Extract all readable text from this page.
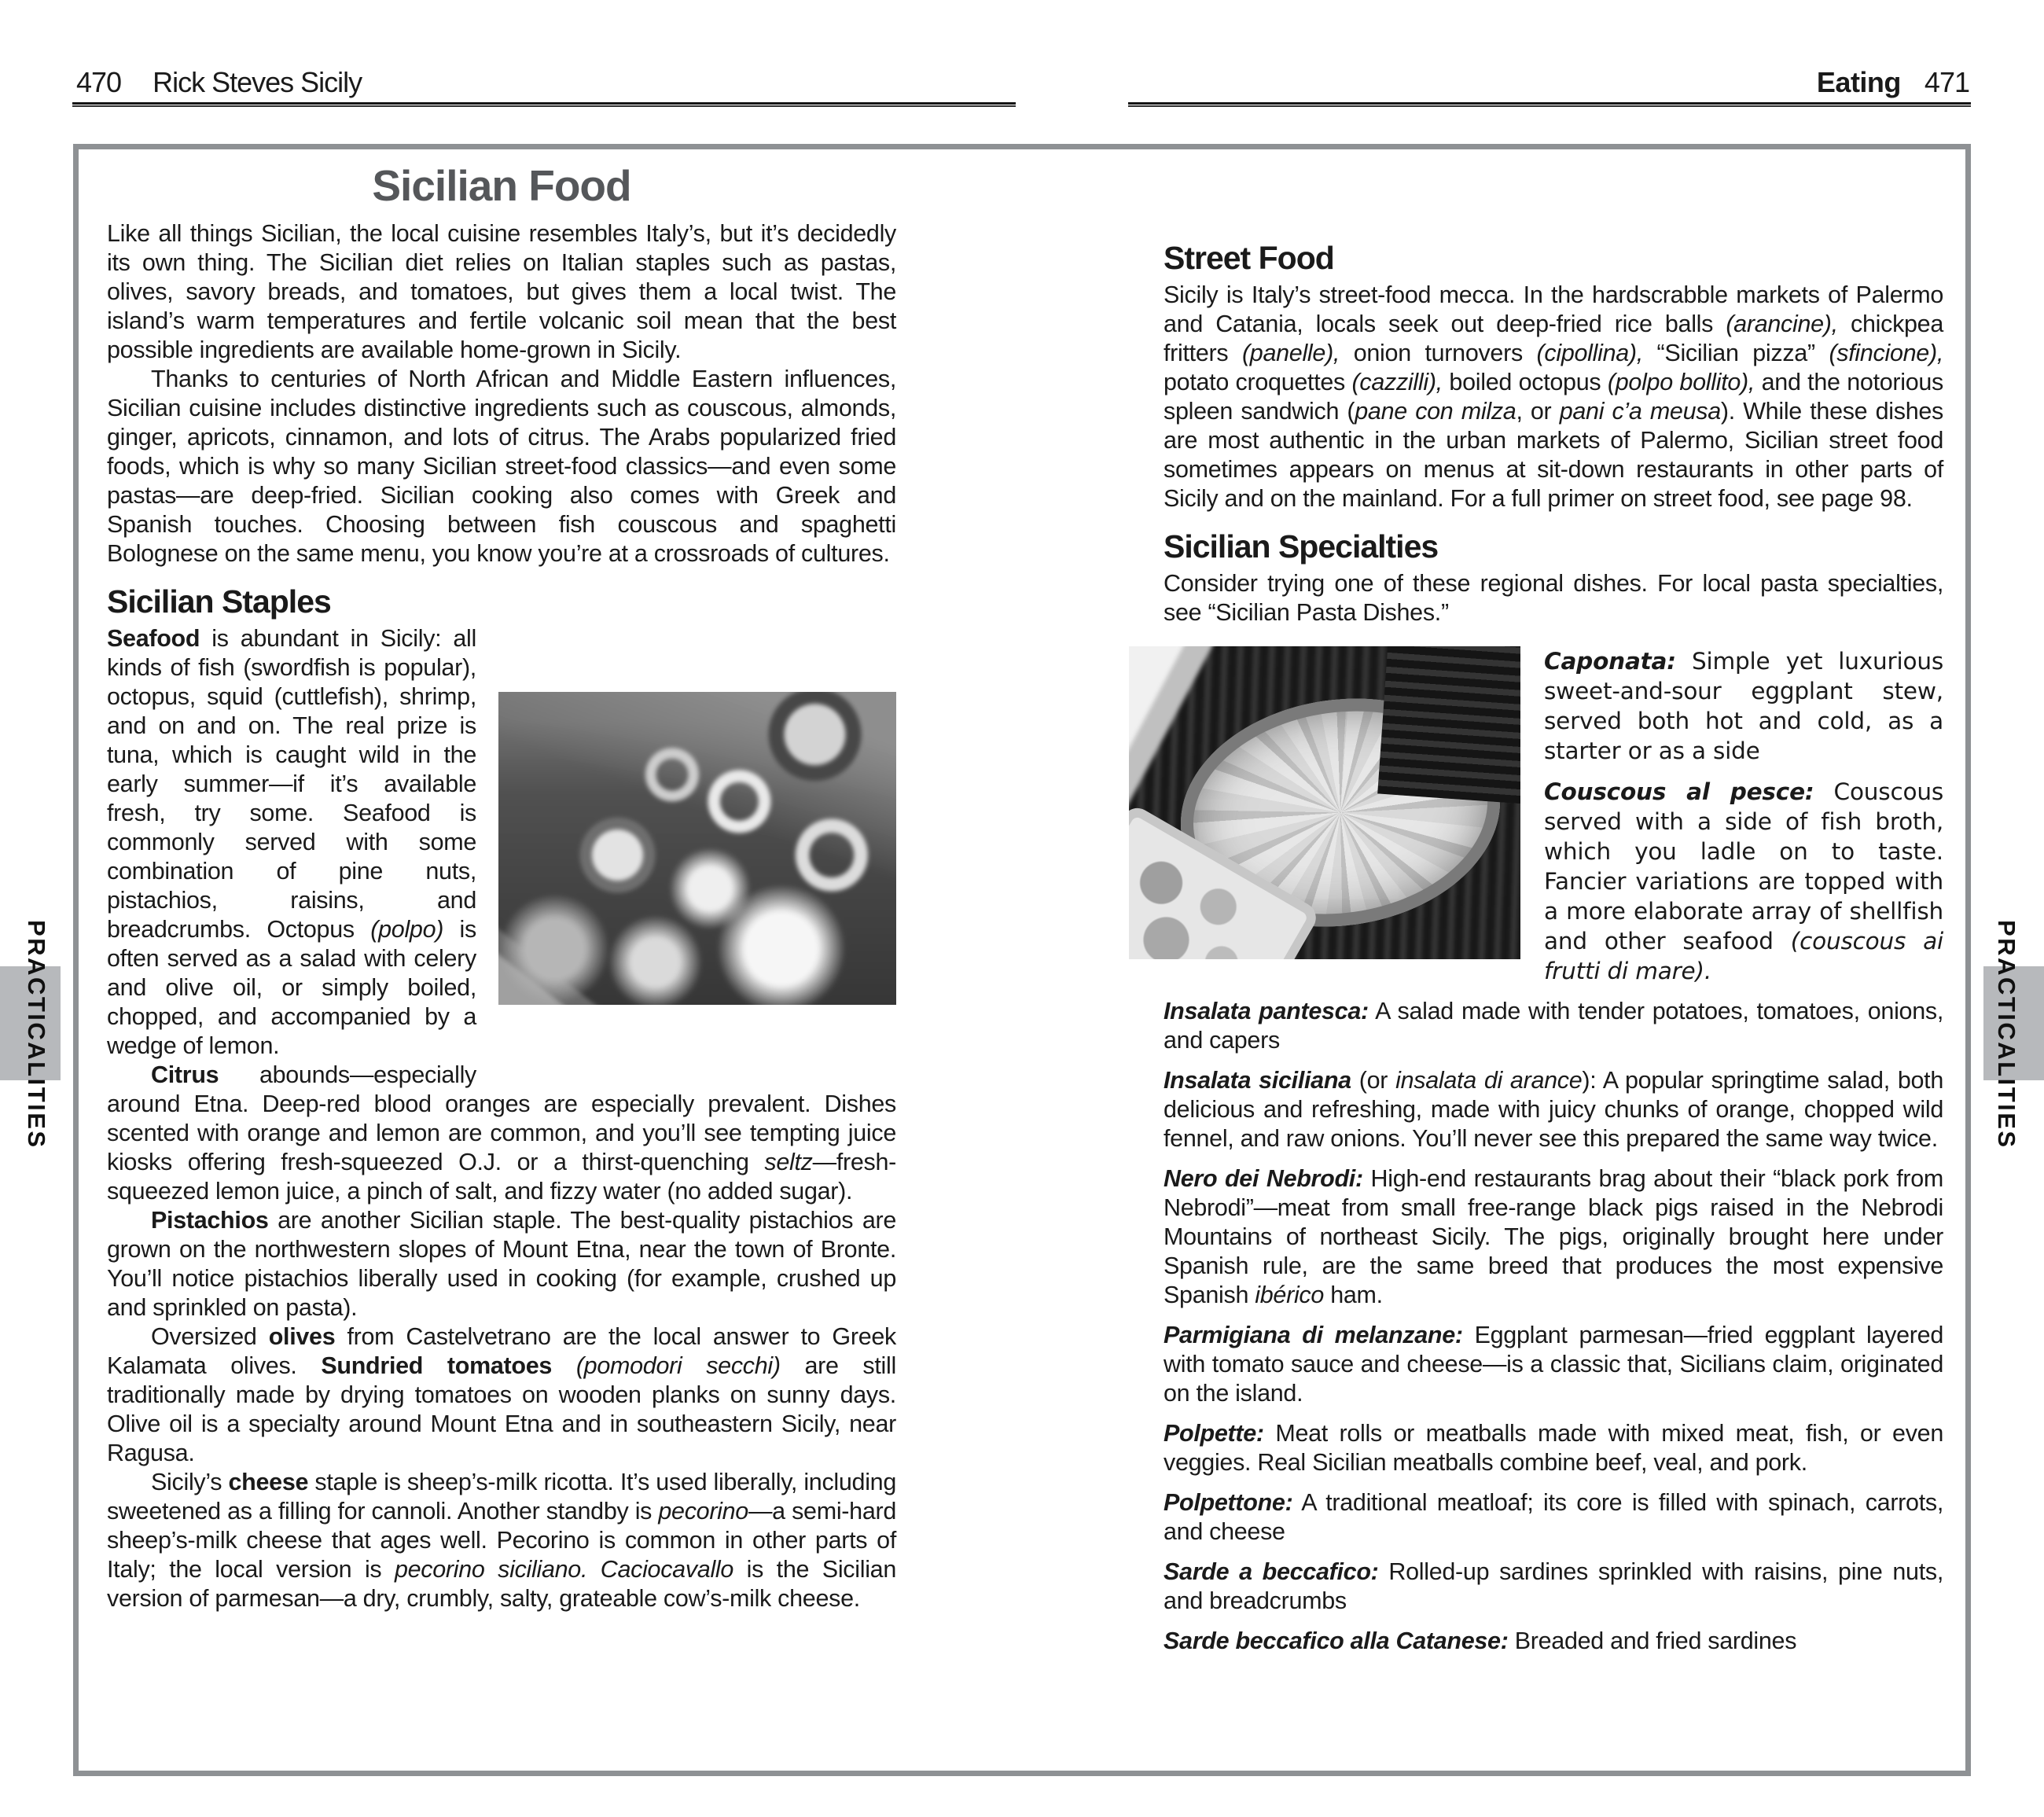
470 Rick Steves Sicily	Eating 471
PRACTICALITIES	PRACTICALITIES
Sicilian Food

Like all things Sicilian, the local cuisine resembles Italy’s, but it’s decidedly its own thing. The Sicilian diet relies on Italian staples such as pastas, olives, savory breads, and tomatoes, but gives them a local twist. The island’s warm temperatures and fertile volcanic soil mean that the best possible ingredients are available home-grown in Sicily.

Thanks to centuries of North African and Middle Eastern influences, Sicilian cuisine includes distinctive ingredients such as couscous, almonds, ginger, apricots, cinnamon, and lots of citrus. The Arabs popularized fried foods, which is why so many Sicilian street-food classics—and even some pastas—are deep-fried. Sicilian cooking also comes with Greek and Spanish touches. Choosing between fish couscous and spaghetti Bolognese on the same menu, you know you’re at a crossroads of cultures.

Sicilian Staples

Seafood is abundant in Sicily: all kinds of fish (swordfish is popular), octopus, squid (cuttlefish), shrimp, and on and on. The real prize is tuna, which is caught wild in the early summer—if it’s available fresh, try some. Seafood is commonly served with some combination of pine nuts, pistachios, raisins, and breadcrumbs. Octopus (polpo) is often served as a salad with celery and olive oil, or simply boiled, chopped, and accompanied by a wedge of lemon.

Citrus abounds—especially around Etna. Deep-red blood oranges are especially prevalent. Dishes scented with orange and lemon are common, and you’ll see tempting juice kiosks offering fresh-squeezed O.J. or a thirst-quenching seltz—fresh-squeezed lemon juice, a pinch of salt, and fizzy water (no added sugar).

Pistachios are another Sicilian staple. The best-quality pistachios are grown on the northwestern slopes of Mount Etna, near the town of Bronte. You’ll notice pistachios liberally used in cooking (for example, crushed up and sprinkled on pasta).

Oversized olives from Castelvetrano are the local answer to Greek Kalamata olives. Sundried tomatoes (pomodori secchi) are still traditionally made by drying tomatoes on wooden planks on sunny days. Olive oil is a specialty around Mount Etna and in southeastern Sicily, near Ragusa.

Sicily’s cheese staple is sheep’s-milk ricotta. It’s used liberally, including sweetened as a filling for cannoli. Another standby is pecorino—a semi-hard sheep’s-milk cheese that ages well. Pecorino is common in other parts of Italy; the local version is pecorino siciliano. Caciocavallo is the Sicilian version of parmesan—a dry, crumbly, salty, grateable cow’s-milk cheese.

Street Food

Sicily is Italy’s street-food mecca. In the hardscrabble markets of Palermo and Catania, locals seek out deep-fried rice balls (arancine), chickpea fritters (panelle), onion turnovers (cipollina), “Sicilian pizza” (sfincione), potato croquettes (cazzilli), boiled octopus (polpo bollito), and the notorious spleen sandwich (pane con milza, or pani c’a meusa). While these dishes are most authentic in the urban markets of Palermo, Sicilian street food sometimes appears on menus at sit-down restaurants in other parts of Sicily and on the mainland. For a full primer on street food, see page 98.

Sicilian Specialties

Consider trying one of these regional dishes. For local pasta specialties, see “Sicilian Pasta Dishes.”

Caponata: Simple yet luxurious sweet-and-sour eggplant stew, served both hot and cold, as a starter or as a side

Couscous al pesce: Couscous served with a side of fish broth, which you ladle on to taste. Fancier variations are topped with a more elaborate array of shellfish and other seafood (couscous ai frutti di mare).

Insalata pantesca: A salad made with tender potatoes, tomatoes, onions, and capers

Insalata siciliana (or insalata di arance): A popular springtime salad, both delicious and refreshing, made with juicy chunks of orange, chopped wild fennel, and raw onions. You’ll never see this prepared the same way twice.

Nero dei Nebrodi: High-end restaurants brag about their “black pork from Nebrodi”—meat from small free-range black pigs raised in the Nebrodi Mountains of northeast Sicily. The pigs, originally brought here under Spanish rule, are the same breed that produces the most expensive Spanish ibérico ham.

Parmigiana di melanzane: Eggplant parmesan—fried eggplant layered with tomato sauce and cheese—is a classic that, Sicilians claim, originated on the island.

Polpette: Meat rolls or meatballs made with mixed meat, fish, or even veggies. Real Sicilian meatballs combine beef, veal, and pork.

Polpettone: A traditional meatloaf; its core is filled with spinach, carrots, and cheese

Sarde a beccafico: Rolled-up sardines sprinkled with raisins, pine nuts, and breadcrumbs

Sarde beccafico alla Catanese: Breaded and fried sardines
